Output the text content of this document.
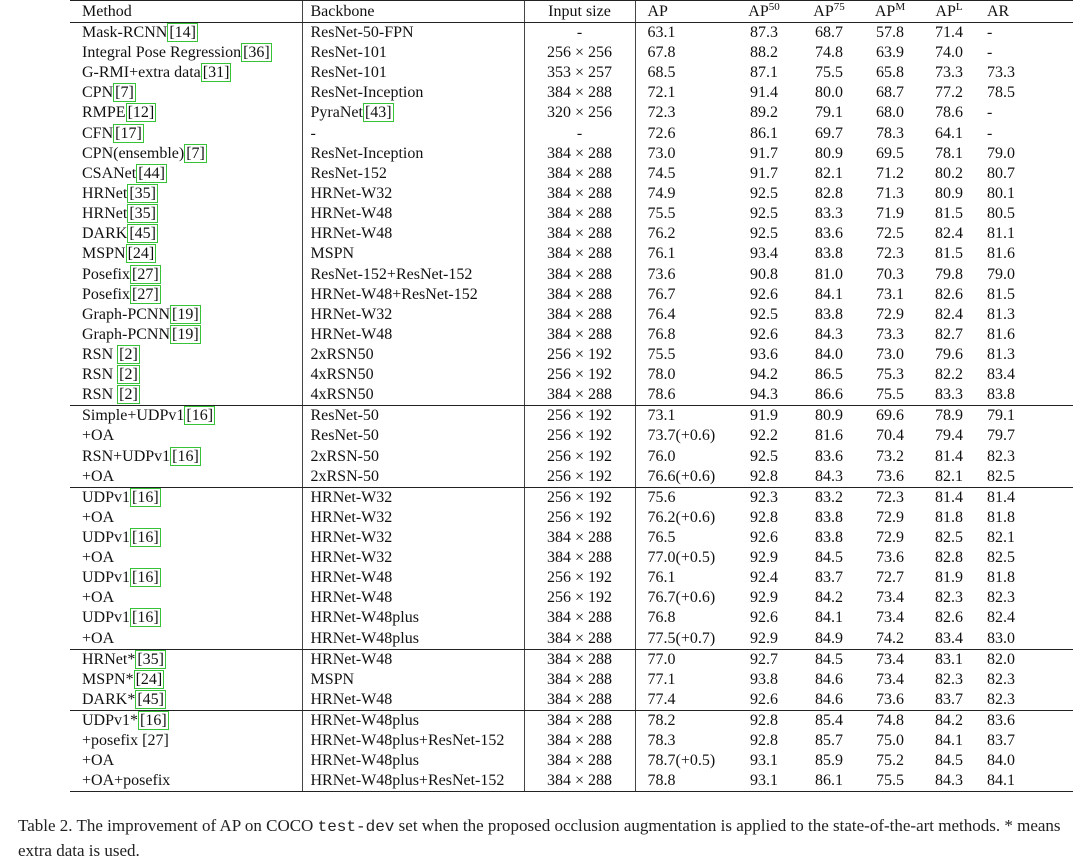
Method	Backbone	Input size	AP	AP$^{50}$	AP$^{75}$	$AP^M$	$AP^L$	AR
Mask-RCNN [14]	ResNet-50-FPN	-	63.1	87.3	68.7	57.8	71.4	-
Integral Pose Regression [36]	ResNet-101	256 × 256	67.8	88.2	74.8	63.9	74.0	-
G-RMI+extra data [31]	ResNet-101	353 × 257	68.5	87.1	75.5	65.8	73.3	73.3
CPN [7]	ResNet-Inception	384 × 288	72.1	91.4	80.0	68.7	77.2	78.5
RMPE [12]	PyraNet [43]	320 × 256	72.3	89.2	79.1	68.0	78.6	-
CFN [17]	-	-	72.6	86.1	69.7	78.3	64.1	-
CPN(ensemble) [7]	ResNet-Inception	384 × 288	73.0	91.7	80.9	69.5	78.1	79.0
CSANet [44]	ResNet-152	384 × 288	74.5	91.7	82.1	71.2	80.2	80.7
HRNet [35]	HRNet-W32	384 × 288	74.9	92.5	82.8	71.3	80.9	80.1
HRNet [35]	HRNet-W48	384 × 288	75.5	92.5	83.3	71.9	81.5	80.5
DARK [45]	HRNet-W48	384 × 288	76.2	92.5	83.6	72.5	82.4	81.1
MSPN [24]	MSPN	384 × 288	76.1	93.4	83.8	72.3	81.5	81.6
Posefix [27]	ResNet-152+ResNet-152	384 × 288	73.6	90.8	81.0	70.3	79.8	79.0
Posefix [27]	HRNet-W48+ResNet-152	384 × 288	76.7	92.6	84.1	73.1	82.6	81.5
Graph-PCNN [19]	HRNet-W32	384 × 288	76.4	92.5	83.8	72.9	82.4	81.3
Graph-PCNN [19]	HRNet-W48	384 × 288	76.8	92.6	84.3	73.3	82.7	81.6
RSN [2]	2xRSN50	256 × 192	75.5	93.6	84.0	73.0	79.6	81.3
RSN [2]	4xRSN50	256 × 192	78.0	94.2	86.5	75.3	82.2	83.4
RSN [2]	4xRSN50	384 × 288	78.6	94.3	86.6	75.5	83.3	83.8
Simple+UDPv1 [16]	ResNet-50	256 × 192	73.1	91.9	80.9	69.6	78.9	79.1
+OA	ResNet-50	256 × 192	73.7(+0.6)	92.2	81.6	70.4	79.4	79.7
RSN+UDPv1 [16]	2xRSN-50	256 × 192	76.0	92.5	83.6	73.2	81.4	82.3
+OA	2xRSN-50	256 × 192	76.6(+0.6)	92.8	84.3	73.6	82.1	82.5
UDPv1 [16]	HRNet-W32	256 × 192	75.6	92.3	83.2	72.3	81.4	81.4
+OA	HRNet-W32	256 × 192	76.2(+0.6)	92.8	83.8	72.9	81.8	81.8
UDPv1 [16]	HRNet-W32	384 × 288	76.5	92.6	83.8	72.9	82.5	82.1
+OA	HRNet-W32	384 × 288	77.0(+0.5)	92.9	84.5	73.6	82.8	82.5
UDPv1 [16]	HRNet-W48	256 × 192	76.1	92.4	83.7	72.7	81.9	81.8
+OA	HRNet-W48	256 × 192	76.7(+0.6)	92.9	84.2	73.4	82.3	82.3
UDPv1 [16]	HRNet-W48plus	384 × 288	76.8	92.6	84.1	73.4	82.6	82.4
+OA	HRNet-W48plus	384 × 288	77.5(+0.7)	92.9	84.9	74.2	83.4	83.0
HRNet* [35]	HRNet-W48	384 × 288	77.0	92.7	84.5	73.4	83.1	82.0
MSPN* [24]	MSPN	384 × 288	77.1	93.8	84.6	73.4	82.3	82.3
DARK* [45]	HRNet-W48	384 × 288	77.4	92.6	84.6	73.6	83.7	82.3
UDPv1* [16]	HRNet-W48plus	384 × 288	78.2	92.8	85.4	74.8	84.2	83.6
+posefix [27]	HRNet-W48plus+ResNet-152	384 × 288	78.3	92.8	85.7	75.0	84.1	83.7
+OA	HRNet-W48plus	384 × 288	78.7(+0.5)	93.1	85.9	75.2	84.5	84.0
+OA+posefix	HRNet-W48plus+ResNet-152	384 × 288	78.8	93.1	86.1	75.5	84.3	84.1
Table 2. The improvement of AP on COCO test-dev set when the proposed occlusion augmentation is applied to the state-of-the-art methods. * means extra data is used.
